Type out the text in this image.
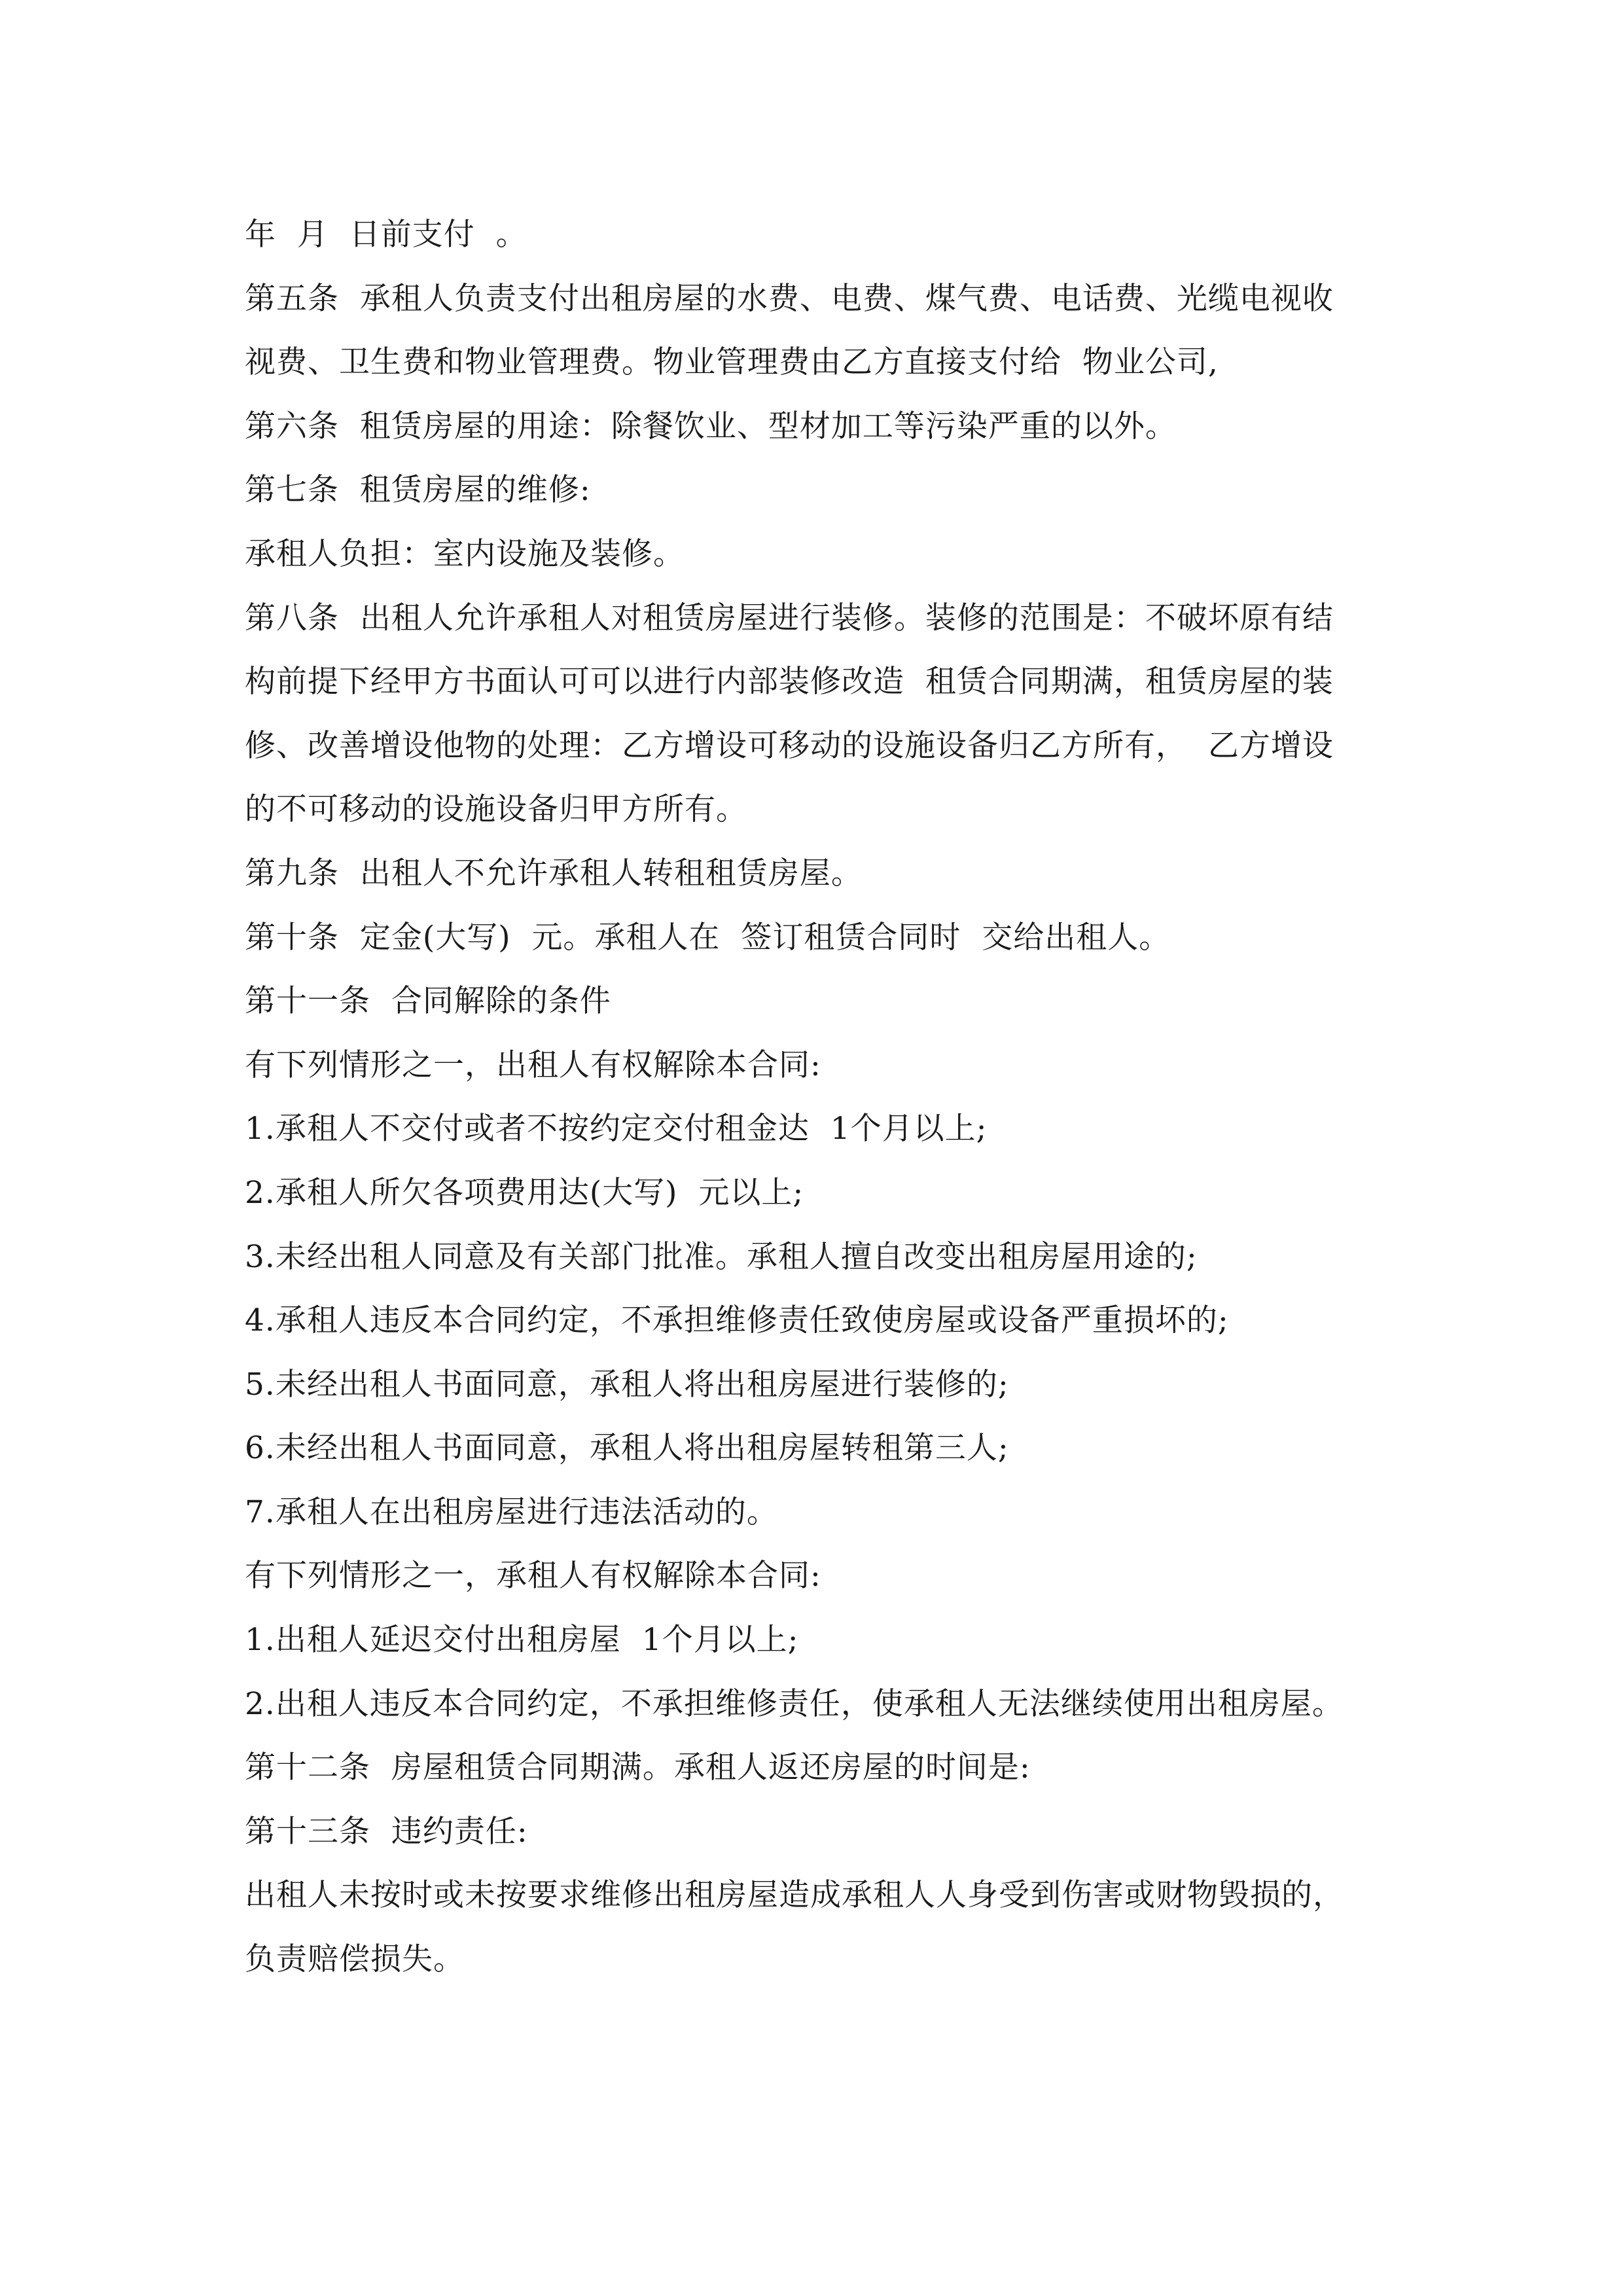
年  月  日前支付  。
第五条  承租人负责支付出租房屋的水费、电费、煤气费、电话费、光缆电视收
视费、卫生费和物业管理费。物业管理费由乙方直接支付给  物业公司,
第六条  租赁房屋的用途：除餐饮业、型材加工等污染严重的以外。
第七条  租赁房屋的维修:
承租人负担：室内设施及装修。
第八条  出租人允许承租人对租赁房屋进行装修。装修的范围是：不破坏原有结
构前提下经甲方书面认可可以进行内部装修改造  租赁合同期满，租赁房屋的装
修、改善增设他物的处理：乙方增设可移动的设施设备归乙方所有，  乙方增设
的不可移动的设施设备归甲方所有。
第九条  出租人不允许承租人转租租赁房屋。
第十条  定金(大写)  元。承租人在  签订租赁合同时  交给出租人。
第十一条  合同解除的条件
有下列情形之一，出租人有权解除本合同:
1.承租人不交付或者不按约定交付租金达  1个月以上;
2.承租人所欠各项费用达(大写)  元以上;
3.未经出租人同意及有关部门批准。承租人擅自改变出租房屋用途的;
4.承租人违反本合同约定，不承担维修责任致使房屋或设备严重损坏的;
5.未经出租人书面同意，承租人将出租房屋进行装修的;
6.未经出租人书面同意，承租人将出租房屋转租第三人;
7.承租人在出租房屋进行违法活动的。
有下列情形之一，承租人有权解除本合同:
1.出租人延迟交付出租房屋  1个月以上;
2.出租人违反本合同约定，不承担维修责任，使承租人无法继续使用出租房屋。
第十二条  房屋租赁合同期满。承租人返还房屋的时间是:
第十三条  违约责任:
出租人未按时或未按要求维修出租房屋造成承租人人身受到伤害或财物毁损的，
负责赔偿损失。
